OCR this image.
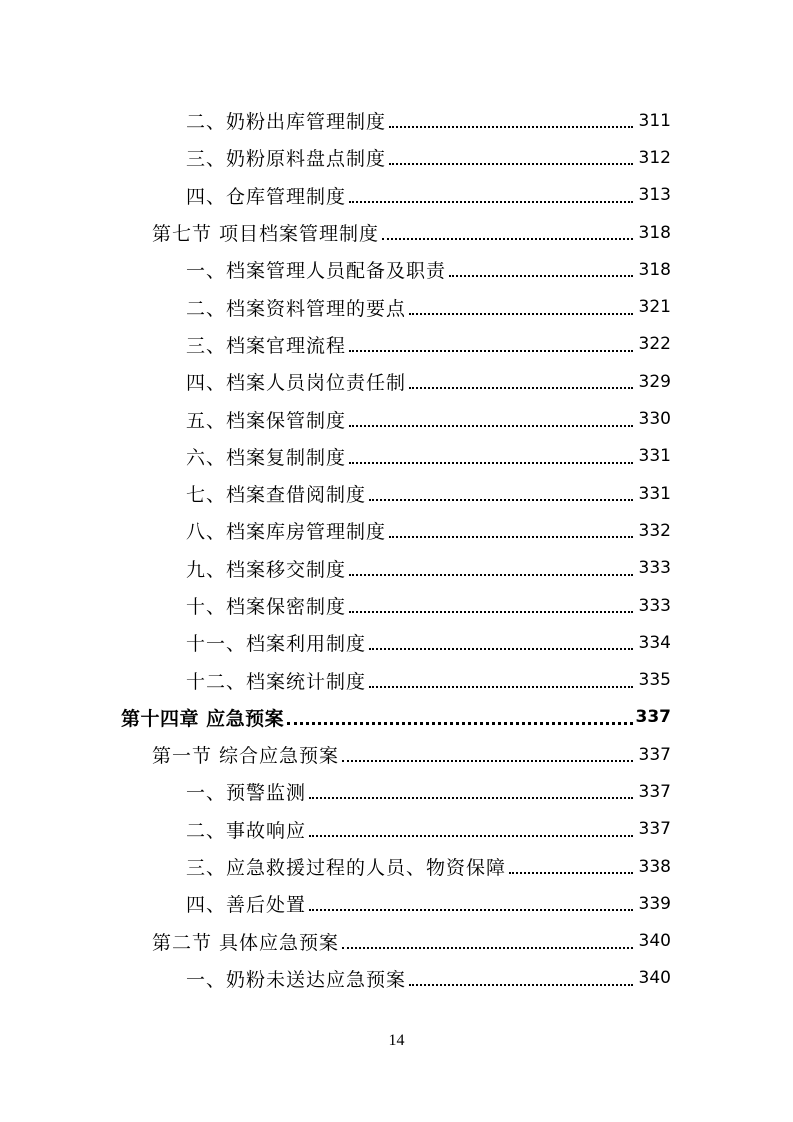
二、奶粉出库管理制度	311
三、奶粉原料盘点制度	312
四、仓库管理制度	313
第七节 项目档案管理制度	318
一、档案管理人员配备及职责	318
二、档案资料管理的要点	321
三、档案官理流程	322
四、档案人员岗位责任制	329
五、档案保管制度	330
六、档案复制制度	331
七、档案查借阅制度	331
八、档案库房管理制度	332
九、档案移交制度	333
十、档案保密制度	333
十一、档案利用制度	334
十二、档案统计制度	335
第十四章 应急预案	337
第一节 综合应急预案	337
一、预警监测	337
二、事故响应	337
三、应急救援过程的人员、物资保障	338
四、善后处置	339
第二节 具体应急预案	340
一、奶粉未送达应急预案	340
14
